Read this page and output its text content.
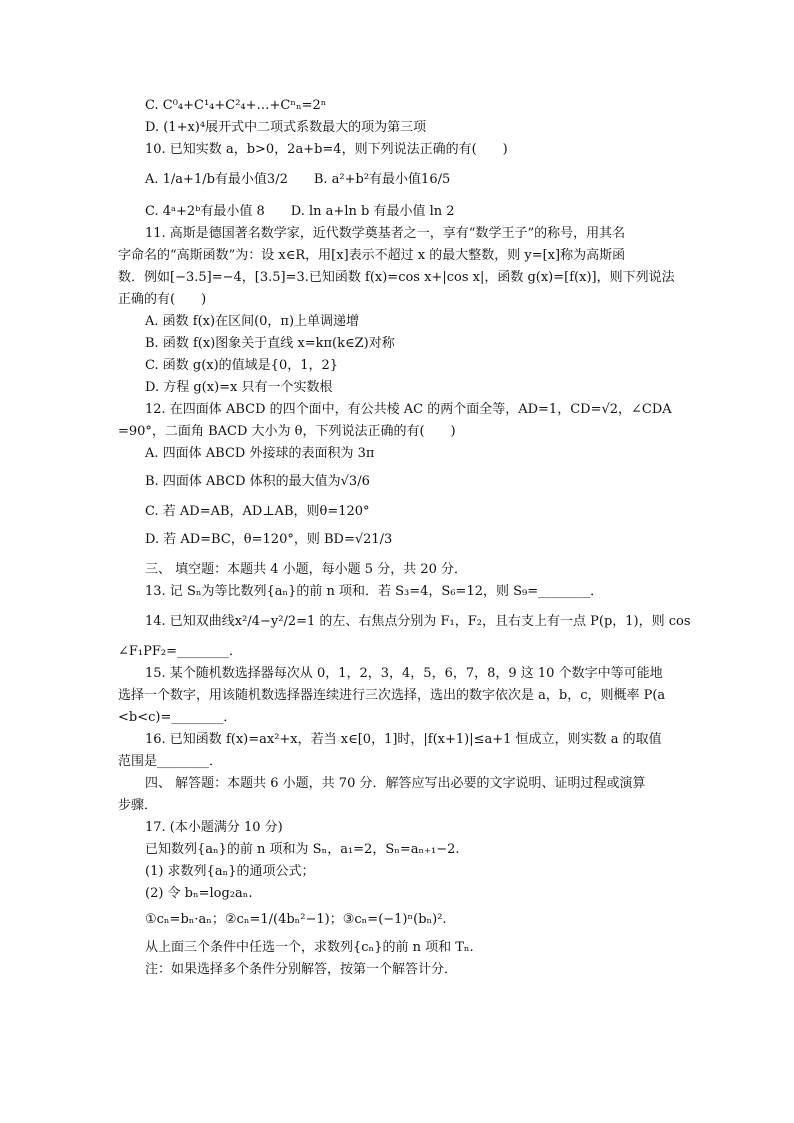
C. C⁰₄+C¹₄+C²₄+…+Cⁿₙ=2ⁿ
D. (1+x)⁴展开式中二项式系数最大的项为第三项
10. 已知实数 a，b>0，2a+b=4，则下列说法正确的有(　　)
A. 1/a+1/b有最小值3/2　　B. a²+b²有最小值16/5
C. 4ᵃ+2ᵇ有最小值 8　　D. ln a+ln b 有最小值 ln 2
11. 高斯是德国著名数学家，近代数学奠基者之一，享有“数学王子”的称号，用其名
字命名的“高斯函数”为：设 x∈R，用[x]表示不超过 x 的最大整数，则 y=[x]称为高斯函
数．例如[−3.5]=−4，[3.5]=3.已知函数 f(x)=cos x+|cos x|，函数 g(x)=[f(x)]，则下列说法
正确的有(　　)
A. 函数 f(x)在区间(0，π)上单调递增
B. 函数 f(x)图象关于直线 x=kπ(k∈Z)对称
C. 函数 g(x)的值域是{0，1，2}
D. 方程 g(x)=x 只有一个实数根
12. 在四面体 ABCD 的四个面中，有公共棱 AC 的两个面全等，AD=1，CD=√2，∠CDA
=90°，二面角 BACD 大小为 θ，下列说法正确的有(　　)
A. 四面体 ABCD 外接球的表面积为 3π
B. 四面体 ABCD 体积的最大值为√3/6
C. 若 AD=AB，AD⊥AB，则θ=120°
D. 若 AD=BC，θ=120°，则 BD=√21/3
三、 填空题：本题共 4 小题，每小题 5 分，共 20 分．
13. 记 Sₙ为等比数列{aₙ}的前 n 项和．若 S₃=4，S₆=12，则 S₉=________．
14. 已知双曲线x²/4−y²/2=1 的左、右焦点分别为 F₁，F₂，且右支上有一点 P(p，1)，则 cos
∠F₁PF₂=________．
15. 某个随机数选择器每次从 0，1，2，3，4，5，6，7，8，9 这 10 个数字中等可能地
选择一个数字，用该随机数选择器连续进行三次选择，选出的数字依次是 a，b，c，则概率 P(a
<b<c)=________．
16. 已知函数 f(x)=ax²+x，若当 x∈[0，1]时，|f(x+1)|≤a+1 恒成立，则实数 a 的取值
范围是________．
四、 解答题：本题共 6 小题，共 70 分．解答应写出必要的文字说明、证明过程或演算
步骤．
17. (本小题满分 10 分)
已知数列{aₙ}的前 n 项和为 Sₙ，a₁=2，Sₙ=aₙ₊₁−2.
(1) 求数列{aₙ}的通项公式；
(2) 令 bₙ=log₂aₙ.
①cₙ=bₙ·aₙ；②cₙ=1/(4bₙ²−1)；③cₙ=(−1)ⁿ(bₙ)².
从上面三个条件中任选一个，求数列{cₙ}的前 n 项和 Tₙ.
注：如果选择多个条件分别解答，按第一个解答计分．
